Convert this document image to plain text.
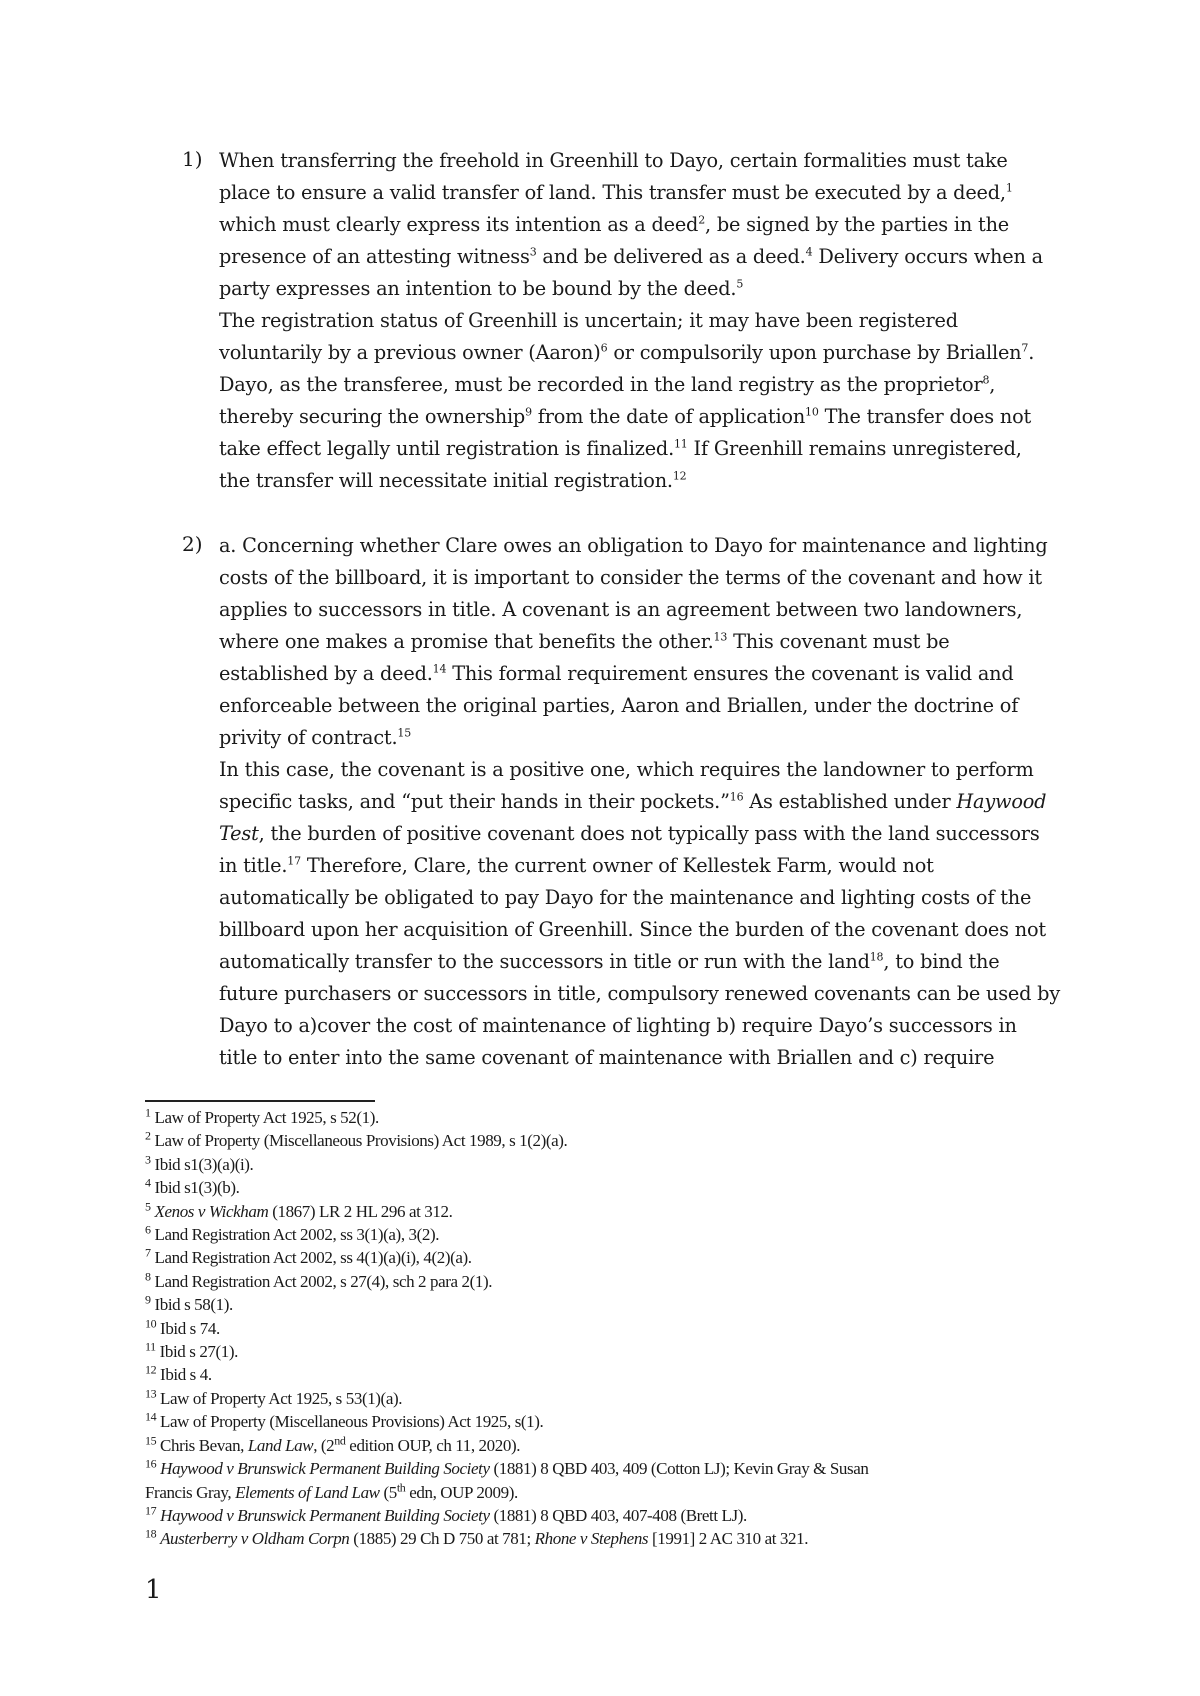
1) When transferring the freehold in Greenhill to Dayo, certain formalities must take
place to ensure a valid transfer of land. This transfer must be executed by a deed,$^1$
which must clearly express its intention as a deed$^2$, be signed by the parties in the
presence of an attesting witness$^3$ and be delivered as a deed.$^4$ Delivery occurs when a
party expresses an intention to be bound by the deed.$^5$
The registration status of Greenhill is uncertain; it may have been registered
voluntarily by a previous owner (Aaron)$^6$ or compulsorily upon purchase by Briallen$^7$.
Dayo, as the transferee, must be recorded in the land registry as the proprietor$^8$,
thereby securing the ownership$^9$ from the date of application$^{10}$ The transfer does not
take effect legally until registration is finalized.$^{11}$ If Greenhill remains unregistered,
the transfer will necessitate initial registration.$^{12}$
2) a. Concerning whether Clare owes an obligation to Dayo for maintenance and lighting
costs of the billboard, it is important to consider the terms of the covenant and how it
applies to successors in title. A covenant is an agreement between two landowners,
where one makes a promise that benefits the other.$^{13}$ This covenant must be
established by a deed.$^{14}$ This formal requirement ensures the covenant is valid and
enforceable between the original parties, Aaron and Briallen, under the doctrine of
privity of contract.$^{15}$
In this case, the covenant is a positive one, which requires the landowner to perform
specific tasks, and “put their hands in their pockets.”$^{16}$ As established under Haywood
Test, the burden of positive covenant does not typically pass with the land successors
in title.$^{17}$ Therefore, Clare, the current owner of Kellestek Farm, would not
automatically be obligated to pay Dayo for the maintenance and lighting costs of the
billboard upon her acquisition of Greenhill. Since the burden of the covenant does not
automatically transfer to the successors in title or run with the land$^{18}$, to bind the
future purchasers or successors in title, compulsory renewed covenants can be used by
Dayo to a)cover the cost of maintenance of lighting b) require Dayo’s successors in
title to enter into the same covenant of maintenance with Briallen and c) require
$^1$ Law of Property Act 1925, s 52(1).
$^2$ Law of Property (Miscellaneous Provisions) Act 1989, s 1(2)(a).
$^3$ Ibid s1(3)(a)(i).
$^4$ Ibid s1(3)(b).
$^5$ Xenos v Wickham (1867) LR 2 HL 296 at 312.
$^6$ Land Registration Act 2002, ss 3(1)(a), 3(2).
$^7$ Land Registration Act 2002, ss 4(1)(a)(i), 4(2)(a).
$^8$ Land Registration Act 2002, s 27(4), sch 2 para 2(1).
$^9$ Ibid s 58(1).
$^{10}$ Ibid s 74.
$^{11}$ Ibid s 27(1).
$^{12}$ Ibid s 4.
$^{13}$ Law of Property Act 1925, s 53(1)(a).
$^{14}$ Law of Property (Miscellaneous Provisions) Act 1925, s(1).
$^{15}$ Chris Bevan, Land Law, (2nd edition OUP, ch 11, 2020).
$^{16}$ Haywood v Brunswick Permanent Building Society (1881) 8 QBD 403, 409 (Cotton LJ); Kevin Gray & Susan
Francis Gray, Elements of Land Law (5th edn, OUP 2009).
$^{17}$ Haywood v Brunswick Permanent Building Society (1881) 8 QBD 403, 407-408 (Brett LJ).
$^{18}$ Austerberry v Oldham Corpn (1885) 29 Ch D 750 at 781; Rhone v Stephens [1991] 2 AC 310 at 321.
1
